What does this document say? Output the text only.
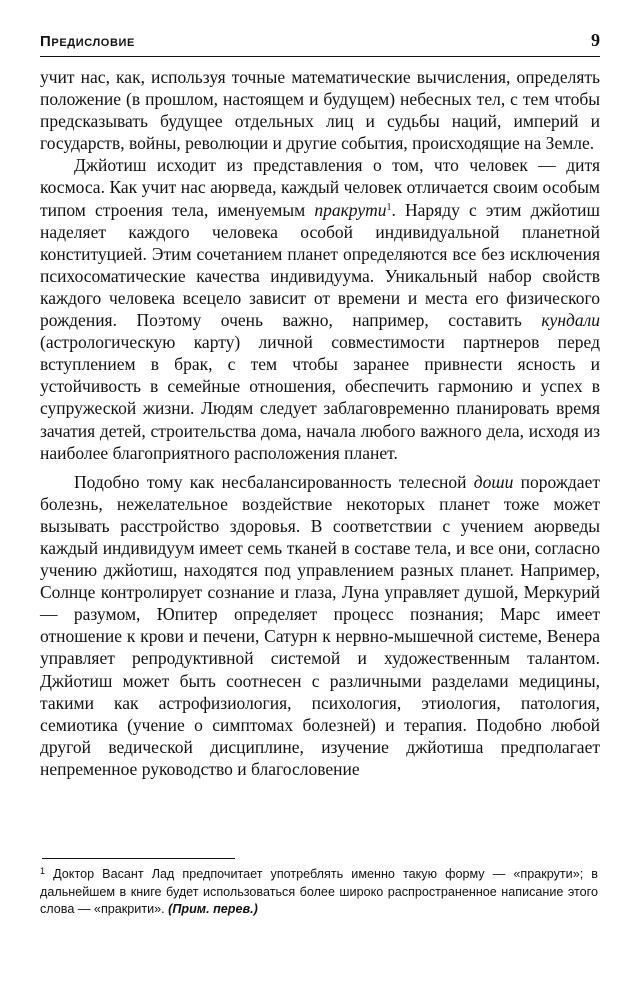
Предисловие	9

учит нас, как, используя точные математические вычисления, определять положение (в прошлом, настоящем и будущем) небесных тел, с тем чтобы предсказывать будущее отдельных лиц и судьбы наций, империй и государств, войны, революции и другие события, происходящие на Земле.

Джйотиш исходит из представления о том, что человек — дитя космоса. Как учит нас аюрведа, каждый человек отличается своим особым типом строения тела, именуемым пракрути$^1$. Наряду с этим джйотиш наделяет каждого человека особой индивидуальной планетной конституцией. Этим сочетанием планет определяются все без исключения психосоматические качества индивидуума. Уникальный набор свойств каждого человека всецело зависит от времени и места его физического рождения. Поэтому очень важно, например, составить кундали (астрологическую карту) личной совместимости партнеров перед вступлением в брак, с тем чтобы заранее привнести ясность и устойчивость в семейные отношения, обеспечить гармонию и успех в супружеской жизни. Людям следует заблаговременно планировать время зачатия детей, строительства дома, начала любого важного дела, исходя из наиболее благоприятного расположения планет.

Подобно тому как несбалансированность телесной доши порождает болезнь, нежелательное воздействие некоторых планет тоже может вызывать расстройство здоровья. В соответствии с учением аюрведы каждый индивидуум имеет семь тканей в составе тела, и все они, согласно учению джйотиш, находятся под управлением разных планет. Например, Солнце контролирует сознание и глаза, Луна управляет душой, Меркурий — разумом, Юпитер определяет процесс познания; Марс имеет отношение к крови и печени, Сатурн к нервно-мышечной системе, Венера управляет репродуктивной системой и художественным талантом. Джйотиш может быть соотнесен с различными разделами медицины, такими как астрофизиология, психология, этиология, патология, семиотика (учение о симптомах болезней) и терапия. Подобно любой другой ведической дисциплине, изучение джйотиша предполагает непременное руководство и благословение

$^1$ Доктор Васант Лад предпочитает употреблять именно такую форму — «пракрути»; в дальнейшем в книге будет использоваться более широко распространенное написание этого слова — «пракрити». (Прим. перев.)
